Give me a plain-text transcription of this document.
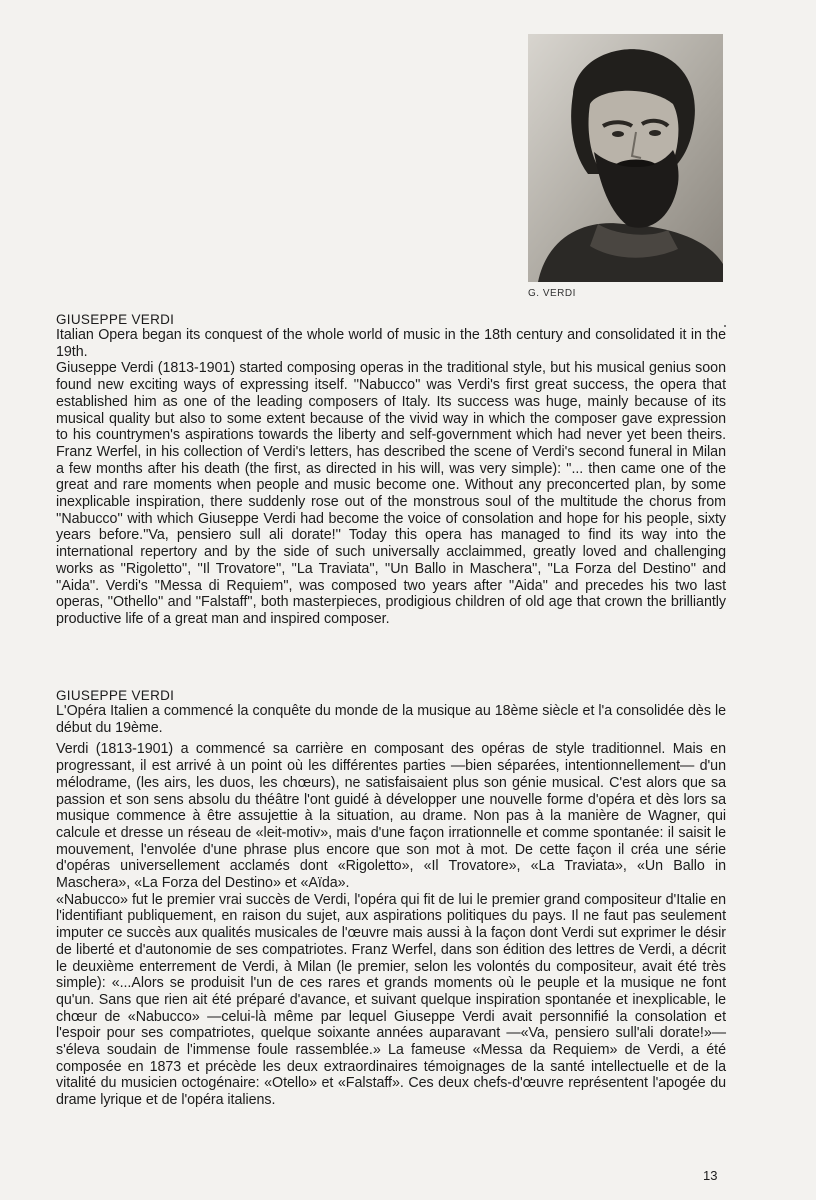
G. VERDI
GIUSEPPE VERDI

Italian Opera began its conquest of the whole world of music in the 18th century and consolidated it in the 19th.

Giuseppe Verdi (1813-1901) started composing operas in the traditional style, but his musical genius soon found new exciting ways of expressing itself. ''Nabucco'' was Verdi's first great success, the opera that established him as one of the leading composers of Italy. Its success was huge, mainly because of its musical quality but also to some extent because of the vivid way in which the composer gave expression to his countrymen's aspirations towards the liberty and self-government which had never yet been theirs. Franz Werfel, in his collection of Verdi's letters, has described the scene of Verdi's second funeral in Milan a few months after his death (the first, as directed in his will, was very simple): ''... then came one of the great and rare moments when people and music become one. Without any preconcerted plan, by some inexplicable inspiration, there suddenly rose out of the monstrous soul of the multitude the chorus from ''Nabucco'' with which Giuseppe Verdi had become the voice of consolation and hope for his people, sixty years before.''Va, pensiero sull ali dorate!'' Today this opera has managed to find its way into the international repertory and by the side of such universally acclaimmed, greatly loved and challenging works as ''Rigoletto'', ''Il Trovatore'', ''La Traviata'', ''Un Ballo in Maschera'', ''La Forza del Destino'' and ''Aida''. Verdi's ''Messa di Requiem'', was composed two years after ''Aida'' and precedes his two last operas, ''Othello'' and ''Falstaff'', both masterpieces, prodigious children of old age that crown the brilliantly productive life of a great man and inspired composer.

GIUSEPPE VERDI

L'Opéra Italien a commencé la conquête du monde de la musique au 18ème siècle et l'a consolidée dès le début du 19ème.

Verdi (1813-1901) a commencé sa carrière en composant des opéras de style traditionnel. Mais en progressant, il est arrivé à un point où les différentes parties —bien séparées, intentionnellement— d'un mélodrame, (les airs, les duos, les chœurs), ne satisfaisaient plus son génie musical. C'est alors que sa passion et son sens absolu du théâtre l'ont guidé à développer une nouvelle forme d'opéra et dès lors sa musique commence à être assujettie à la situation, au drame. Non pas à la manière de Wagner, qui calcule et dresse un réseau de «leit-motiv», mais d'une façon irrationnelle et comme spontanée: il saisit le mouvement, l'envolée d'une phrase plus encore que son mot à mot. De cette façon il créa une série d'opéras universellement acclamés dont «Rigoletto», «Il Trovatore», «La Traviata», «Un Ballo in Maschera», «La Forza del Destino» et «Aïda».

«Nabucco» fut le premier vrai succès de Verdi, l'opéra qui fit de lui le premier grand compositeur d'Italie en l'identifiant publiquement, en raison du sujet, aux aspirations politiques du pays. Il ne faut pas seulement imputer ce succès aux qualités musicales de l'œuvre mais aussi à la façon dont Verdi sut exprimer le désir de liberté et d'autonomie de ses compatriotes. Franz Werfel, dans son édition des lettres de Verdi, a décrit le deuxième enterrement de Verdi, à Milan (le premier, selon les volontés du compositeur, avait été très simple): «...Alors se produisit l'un de ces rares et grands moments où le peuple et la musique ne font qu'un. Sans que rien ait été préparé d'avance, et suivant quelque inspiration spontanée et inexplicable, le chœur de «Nabucco» —celui-là même par lequel Giuseppe Verdi avait personnifié la consolation et l'espoir pour ses compatriotes, quelque soixante années auparavant —«Va, pensiero sull'ali dorate!»— s'éleva soudain de l'immense foule rassemblée.» La fameuse «Messa da Requiem» de Verdi, a été composée en 1873 et précède les deux extraordinaires témoignages de la santé intellectuelle et de la vitalité du musicien octogénaire: «Otello» et «Falstaff». Ces deux chefs-d'œuvre représentent l'apogée du drame lyrique et de l'opéra italiens.

13
